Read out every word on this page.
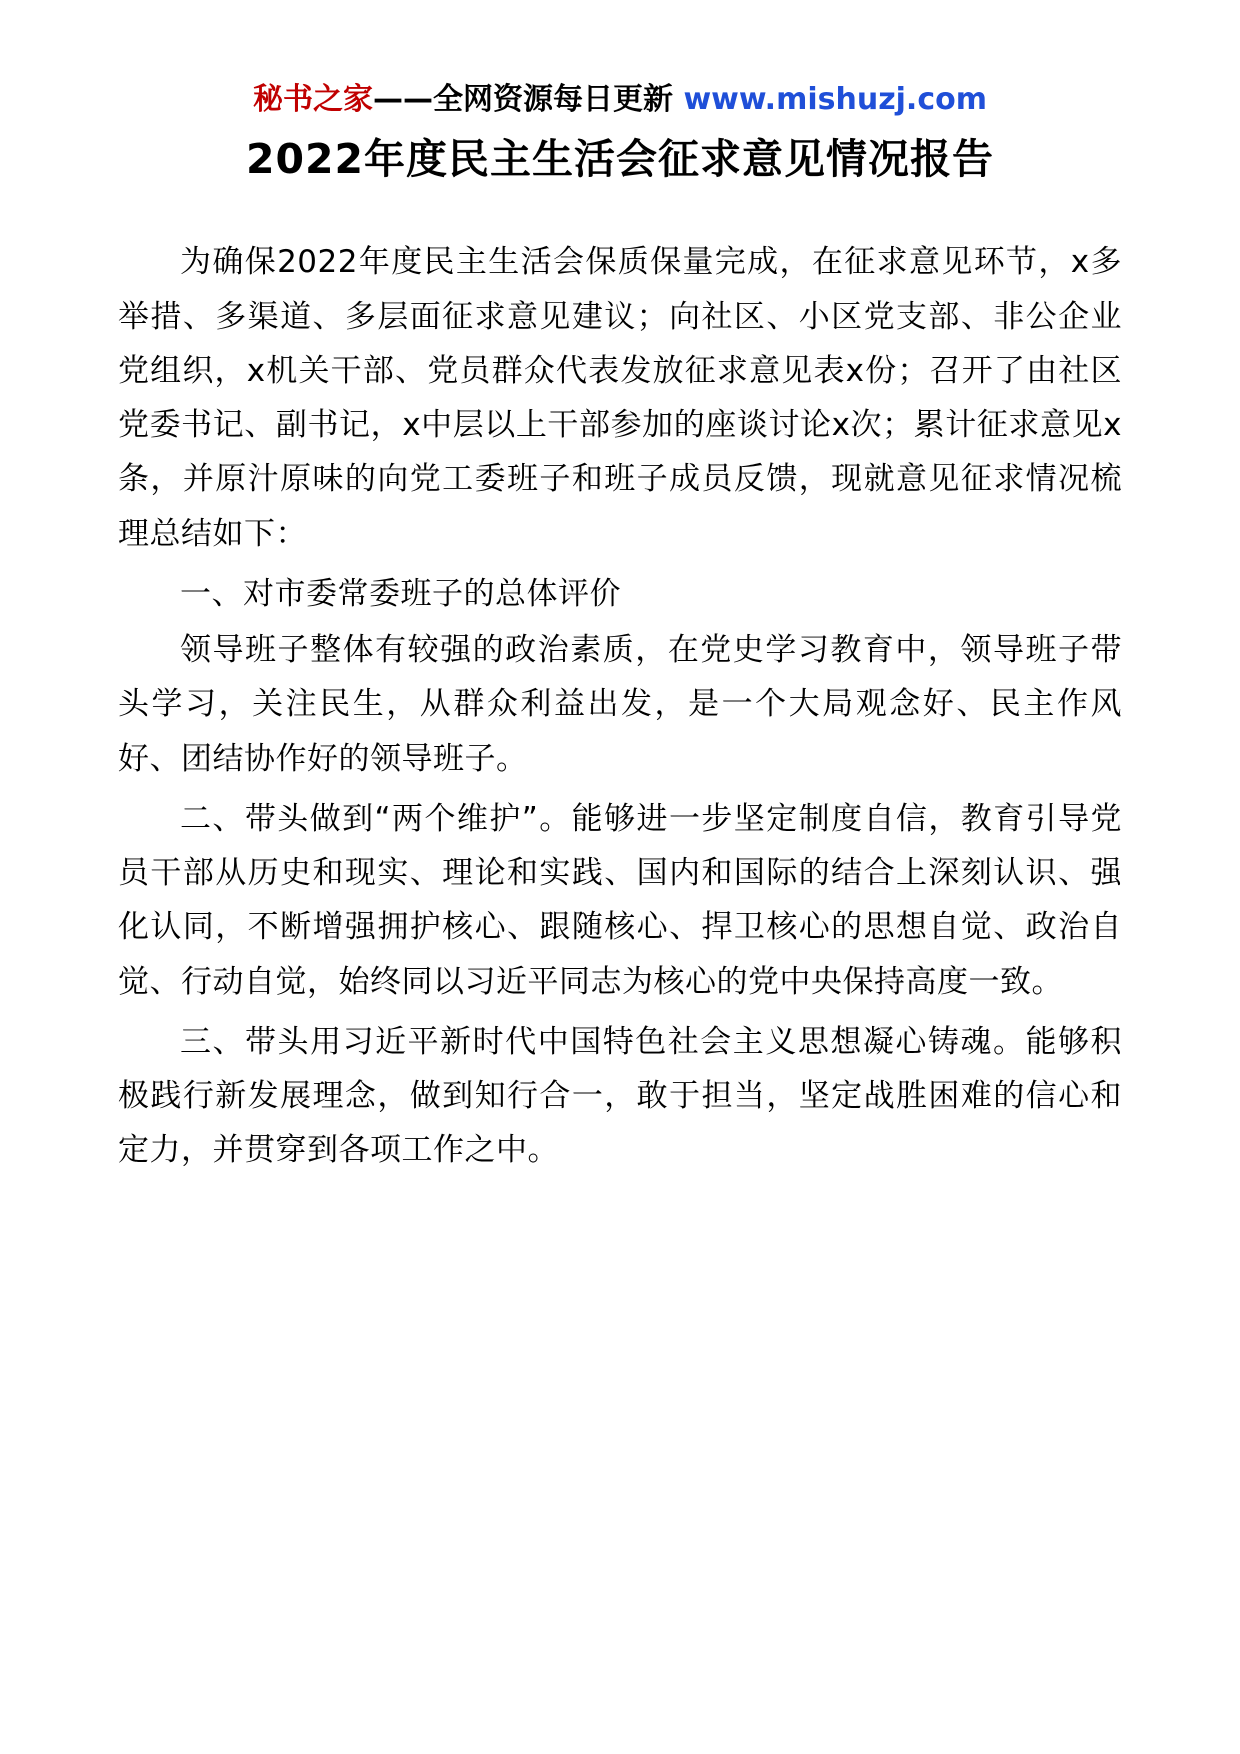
秘书之家——全网资源每日更新 www.mishuzj.com
2022年度民主生活会征求意见情况报告

为确保2022年度民主生活会保质保量完成，在征求意见环节，x多举措、多渠道、多层面征求意见建议；向社区、小区党支部、非公企业党组织，x机关干部、党员群众代表发放征求意见表x份；召开了由社区党委书记、副书记，x中层以上干部参加的座谈讨论x次；累计征求意见x条，并原汁原味的向党工委班子和班子成员反馈，现就意见征求情况梳理总结如下：

一、对市委常委班子的总体评价

领导班子整体有较强的政治素质，在党史学习教育中，领导班子带头学习，关注民生，从群众利益出发，是一个大局观念好、民主作风好、团结协作好的领导班子。

二、带头做到“两个维护”。能够进一步坚定制度自信，教育引导党员干部从历史和现实、理论和实践、国内和国际的结合上深刻认识、强化认同，不断增强拥护核心、跟随核心、捍卫核心的思想自觉、政治自觉、行动自觉，始终同以习近平同志为核心的党中央保持高度一致。

三、带头用习近平新时代中国特色社会主义思想凝心铸魂。能够积极践行新发展理念，做到知行合一，敢于担当，坚定战胜困难的信心和定力，并贯穿到各项工作之中。
